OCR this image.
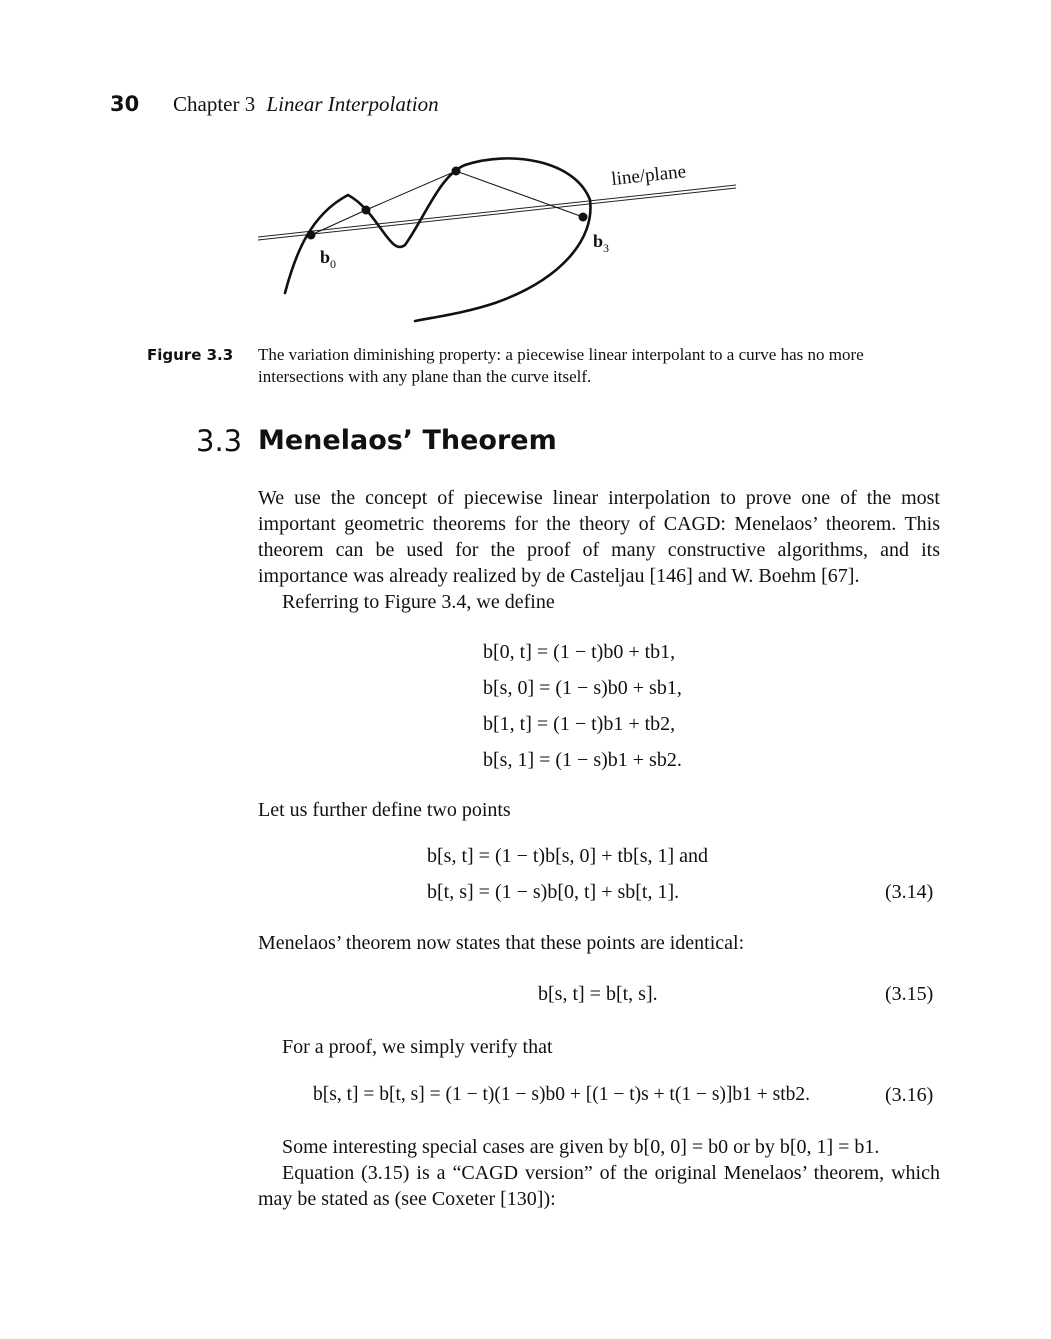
30 Chapter 3 Linear Interpolation
line/plane
$b_0$
$b_3$
Figure 3.3 The variation diminishing property: a piecewise linear interpolant to a curve has no more intersections with any plane than the curve itself.
3.3 Menelaos’ Theorem
We use the concept of piecewise linear interpolation to prove one of the most important geometric theorems for the theory of CAGD: Menelaos’ theorem. This theorem can be used for the proof of many constructive algorithms, and its importance was already realized by de Casteljau [146] and W. Boehm [67].
Referring to Figure 3.4, we define
b[0, t] = (1 − t)b0 + tb1,
b[s, 0] = (1 − s)b0 + sb1,
b[1, t] = (1 − t)b1 + tb2,
b[s, 1] = (1 − s)b1 + sb2.
Let us further define two points
b[s, t] = (1 − t)b[s, 0] + tb[s, 1] and
b[t, s] = (1 − s)b[0, t] + sb[t, 1].	(3.14)
Menelaos’ theorem now states that these points are identical:
b[s, t] = b[t, s].	(3.15)
For a proof, we simply verify that
b[s, t] = b[t, s] = (1 − t)(1 − s)b0 + [(1 − t)s + t(1 − s)]b1 + stb2.	(3.16)
Some interesting special cases are given by b[0, 0] = b0 or by b[0, 1] = b1.
Equation (3.15) is a “CAGD version” of the original Menelaos’ theorem, which may be stated as (see Coxeter [130]):
